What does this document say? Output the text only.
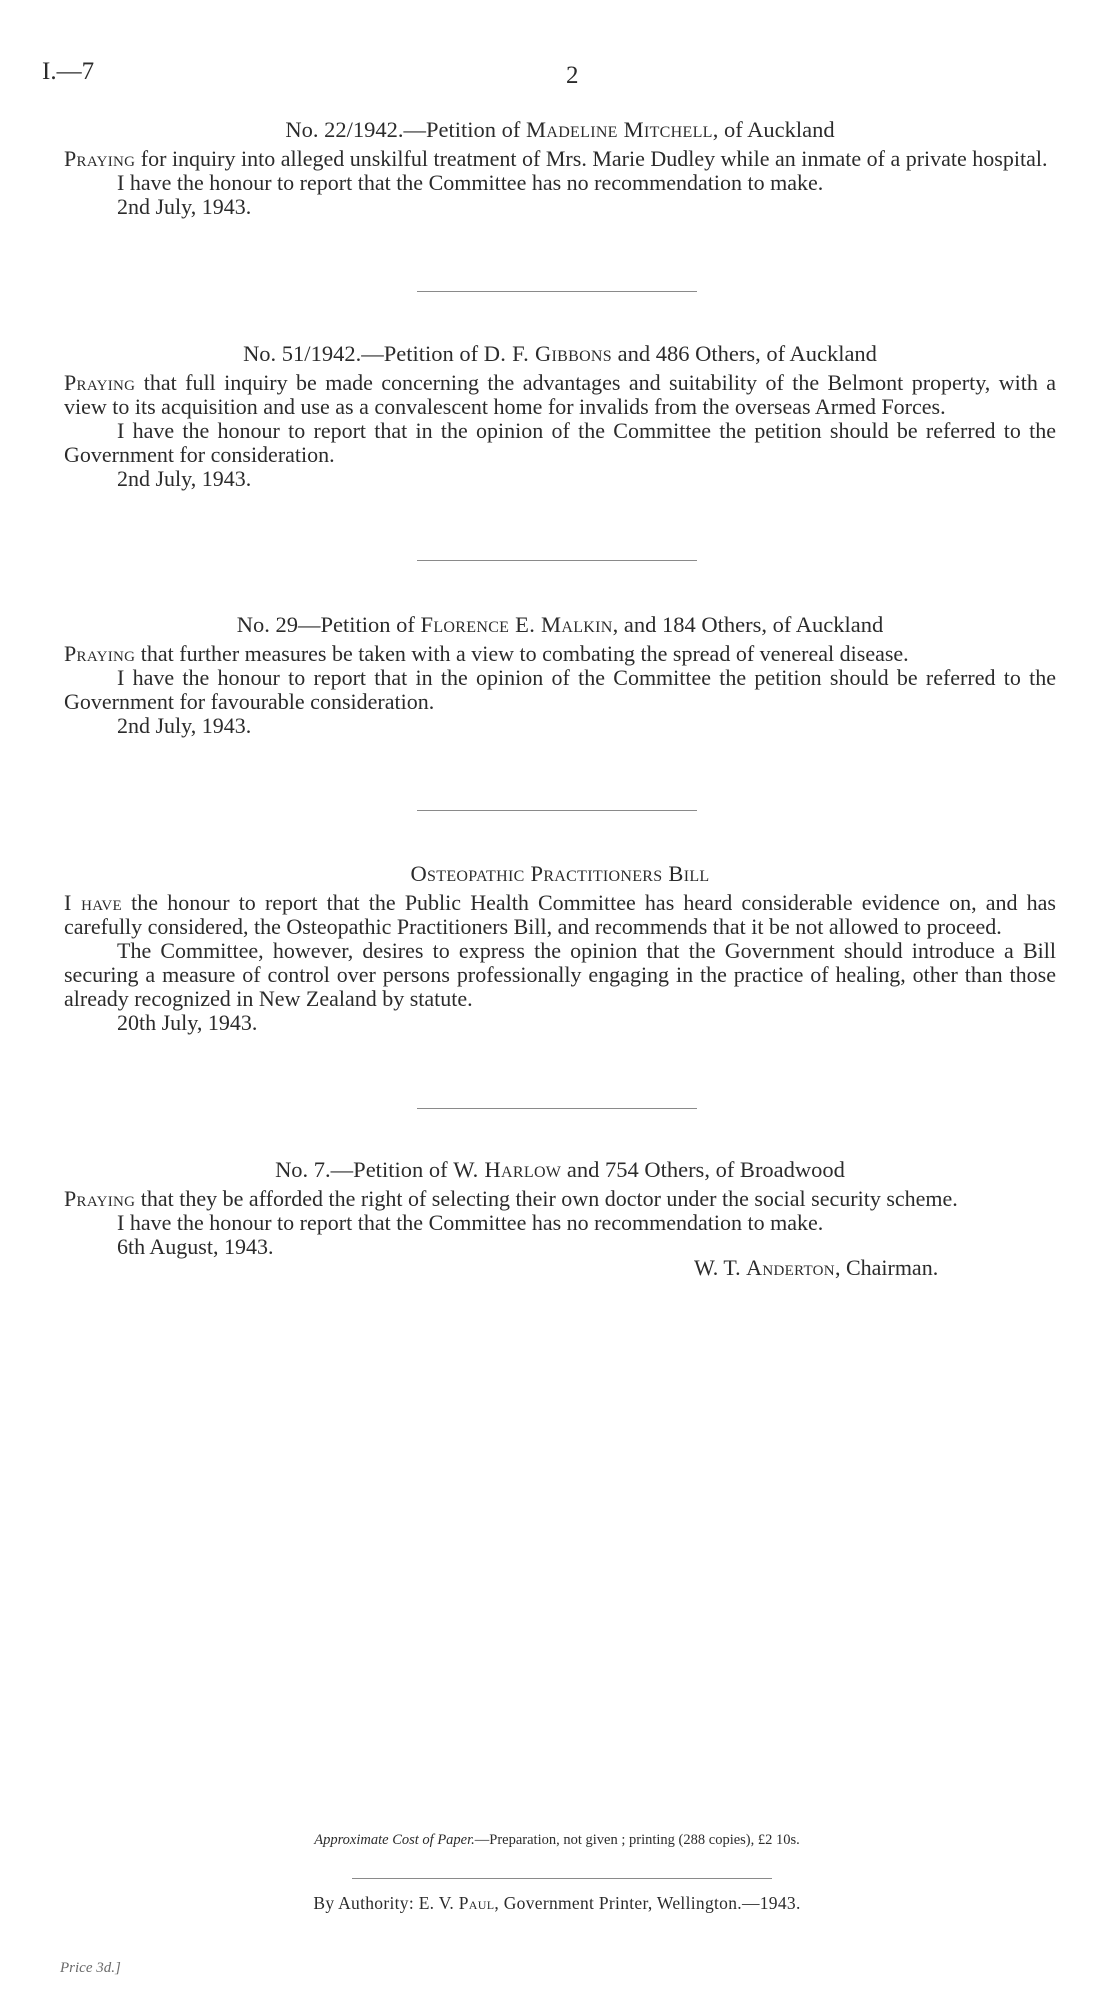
I.—7	2

No. 22/1942.—Petition of Madeline Mitchell, of Auckland

Praying for inquiry into alleged unskilful treatment of Mrs. Marie Dudley while an inmate of a private hospital.

I have the honour to report that the Committee has no recommendation to make.

2nd July, 1943.

No. 51/1942.—Petition of D. F. Gibbons and 486 Others, of Auckland

Praying that full inquiry be made concerning the advantages and suitability of the Belmont property, with a view to its acquisition and use as a convalescent home for invalids from the overseas Armed Forces.

I have the honour to report that in the opinion of the Committee the petition should be referred to the Government for consideration.

2nd July, 1943.

No. 29—Petition of Florence E. Malkin, and 184 Others, of Auckland

Praying that further measures be taken with a view to combating the spread of venereal disease.

I have the honour to report that in the opinion of the Committee the petition should be referred to the Government for favourable consideration.

2nd July, 1943.

Osteopathic Practitioners Bill

I have the honour to report that the Public Health Committee has heard considerable evidence on, and has carefully considered, the Osteopathic Practitioners Bill, and recommends that it be not allowed to proceed.

The Committee, however, desires to express the opinion that the Government should introduce a Bill securing a measure of control over persons professionally engaging in the practice of healing, other than those already recognized in New Zealand by statute.

20th July, 1943.

No. 7.—Petition of W. Harlow and 754 Others, of Broadwood

Praying that they be afforded the right of selecting their own doctor under the social security scheme.

I have the honour to report that the Committee has no recommendation to make.

6th August, 1943.

W. T. Anderton, Chairman.
Approximate Cost of Paper.—Preparation, not given ; printing (288 copies), £2 10s.
By Authority: E. V. Paul, Government Printer, Wellington.—1943.
Price 3d.]
